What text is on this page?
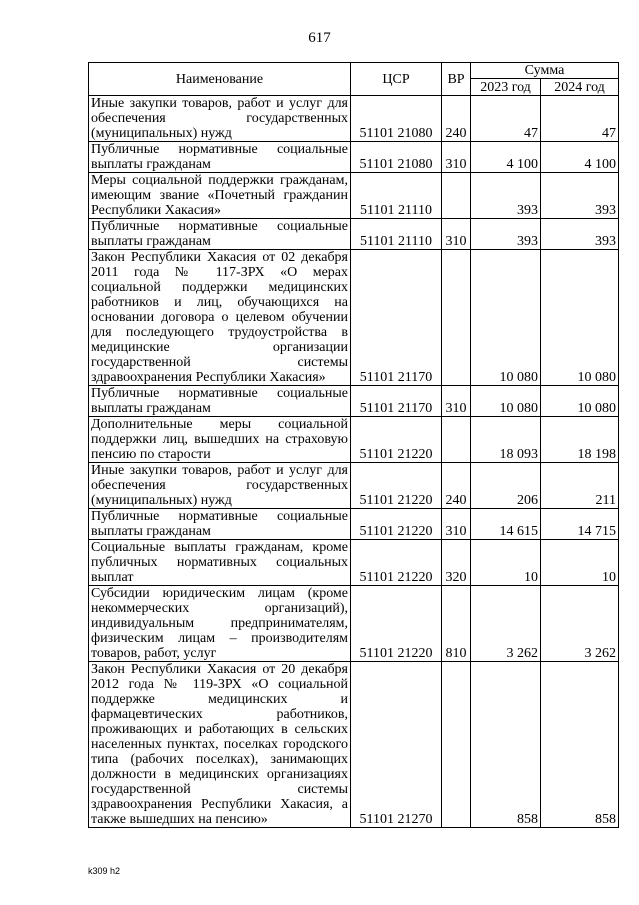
617
Наименование	ЦСР	ВР	Сумма	
			2023 год	2024 год
Иные закупки товаров, работ и услуг для обеспечения государственных (муниципальных) нужд	51101 21080	240	47	47
Публичные нормативные социальные выплаты гражданам	51101 21080	310	4 100	4 100
Меры социальной поддержки гражданам, имеющим звание «Почетный гражданин Республики Хакасия»	51101 21110		393	393
Публичные нормативные социальные выплаты гражданам	51101 21110	310	393	393
Закон Республики Хакасия от 02 декабря 2011 года № 117-ЗРХ «О мерах социальной поддержки медицинских работников и лиц, обучающихся на основании договора о целевом обучении для последующего трудоустройства в медицинские организации государственной системы здравоохранения Республики Хакасия»	51101 21170		10 080	10 080
Публичные нормативные социальные выплаты гражданам	51101 21170	310	10 080	10 080
Дополнительные меры социальной поддержки лиц, вышедших на страховую пенсию по старости	51101 21220		18 093	18 198
Иные закупки товаров, работ и услуг для обеспечения государственных (муниципальных) нужд	51101 21220	240	206	211
Публичные нормативные социальные выплаты гражданам	51101 21220	310	14 615	14 715
Социальные выплаты гражданам, кроме публичных нормативных социальных выплат	51101 21220	320	10	10
Субсидии юридическим лицам (кроме некоммерческих организаций), индивидуальным предпринимателям, физическим лицам – производителям товаров, работ, услуг	51101 21220	810	3 262	3 262
Закон Республики Хакасия от 20 декабря 2012 года № 119-ЗРХ «О социальной поддержке медицинских и фармацевтических работников, проживающих и работающих в сельских населенных пунктах, поселках городского типа (рабочих поселках), занимающих должности в медицинских организациях государственной системы здравоохранения Республики Хакасия, а также вышедших на пенсию»	51101 21270		858	858
k309 h2
